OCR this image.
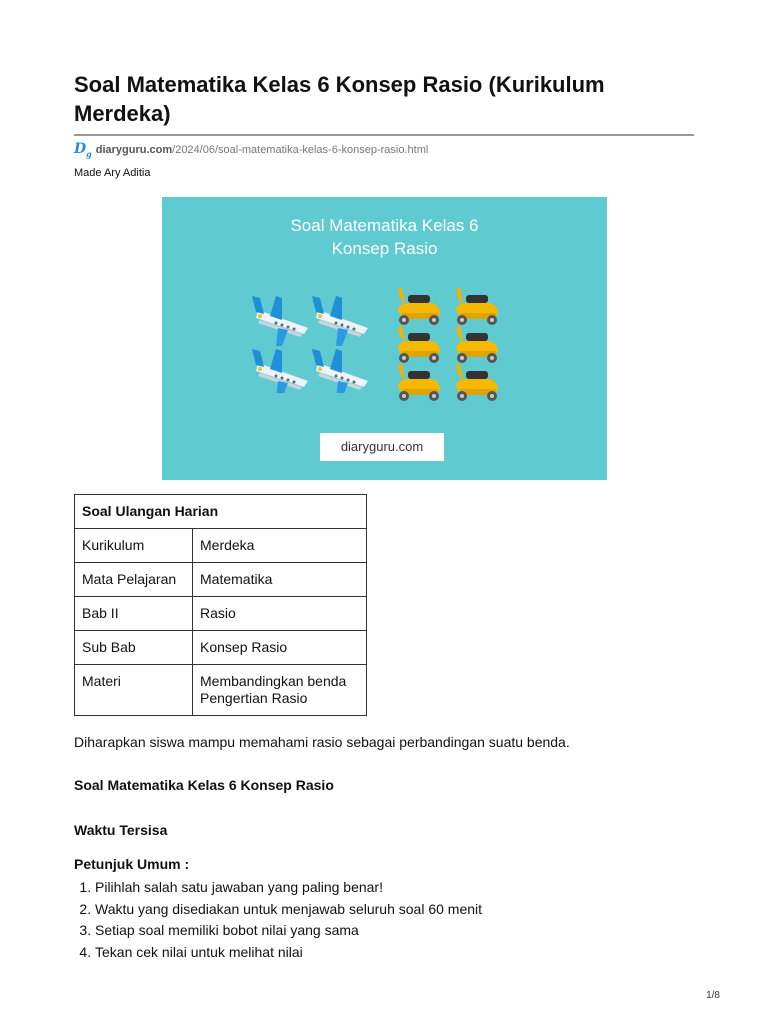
Soal Matematika Kelas 6 Konsep Rasio (Kurikulum Merdeka)
$D_g$ diaryguru.com /2024/06/soal-matematika-kelas-6-konsep-rasio.html
Made Ary Aditia
Soal Matematika Kelas 6
Konsep Rasio
diaryguru.com
Soal Ulangan Harian	
Kurikulum	Merdeka
Mata Pelajaran	Matematika
Bab II	Rasio
Sub Bab	Konsep Rasio
Materi	Membandingkan benda
Pengertian Rasio

Diharapkan siswa mampu memahami rasio sebagai perbandingan suatu benda.

Soal Matematika Kelas 6 Konsep Rasio

Waktu Tersisa

Petunjuk Umum :

1. Pilihlah salah satu jawaban yang paling benar!
2. Waktu yang disediakan untuk menjawab seluruh soal 60 menit
3. Setiap soal memiliki bobot nilai yang sama
4. Tekan cek nilai untuk melihat nilai
1/8
